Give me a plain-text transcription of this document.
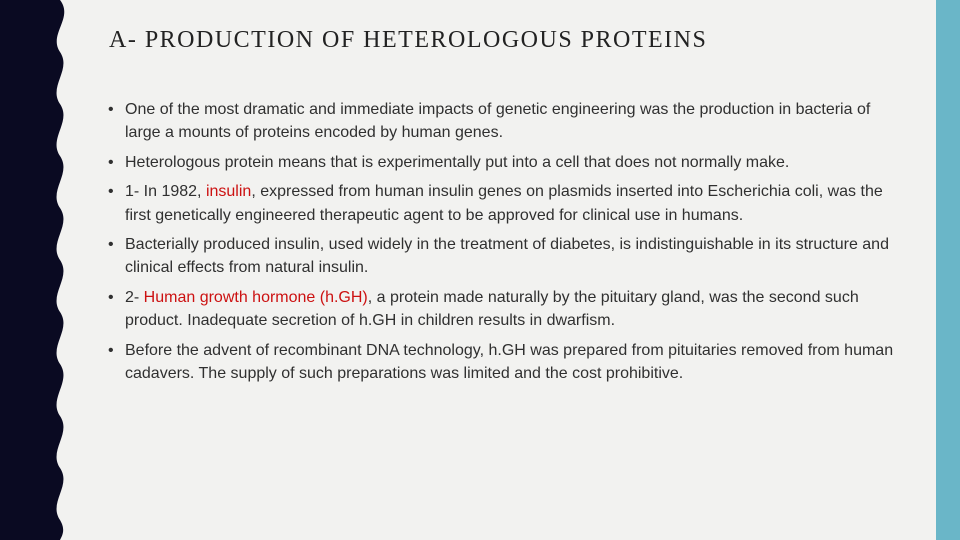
A- PRODUCTION OF HETEROLOGOUS PROTEINS
• One of the most dramatic and immediate impacts of genetic engineering was the production in bacteria of large a mounts of proteins encoded by human genes.
• Heterologous protein means that is experimentally put into a cell that does not normally make.
• 1- In 1982, insulin, expressed from human insulin genes on plasmids inserted into Escherichia coli, was the first genetically engineered therapeutic agent to be approved for clinical use in humans.
• Bacterially produced insulin, used widely in the treatment of diabetes, is indistinguishable in its structure and clinical effects from natural insulin.
• 2- Human growth hormone (h.GH), a protein made naturally by the pituitary gland, was the second such product. Inadequate secretion of h.GH in children results in dwarfism.
• Before the advent of recombinant DNA technology, h.GH was prepared from pituitaries removed from human cadavers. The supply of such preparations was limited and the cost prohibitive.
